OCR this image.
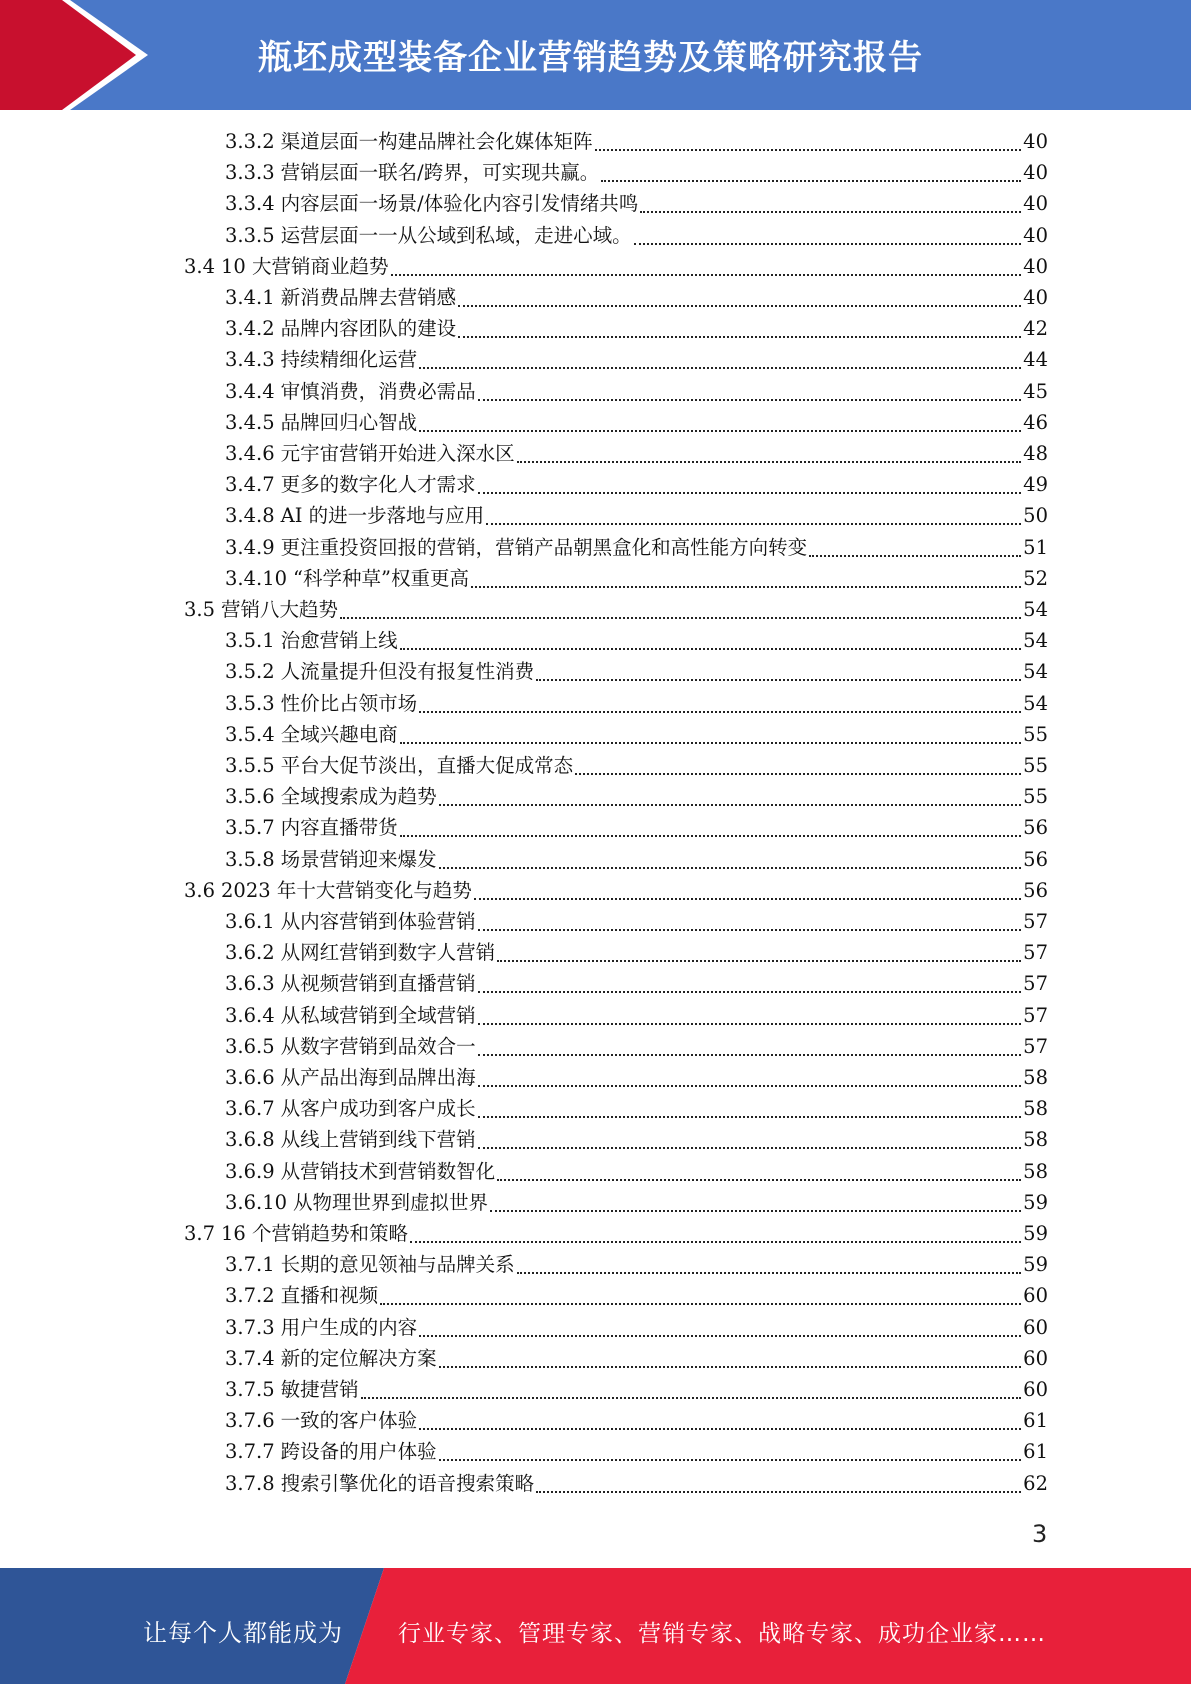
瓶坯成型装备企业营销趋势及策略研究报告
3.3.2 渠道层面一构建品牌社会化媒体矩阵	40
3.3.3 营销层面一联名/跨界，可实现共赢。	40
3.3.4 内容层面一场景/体验化内容引发情绪共鸣	40
3.3.5 运营层面一一从公域到私域，走进心域。	40
3.4 10 大营销商业趋势	40
3.4.1 新消费品牌去营销感	40
3.4.2 品牌内容团队的建设	42
3.4.3 持续精细化运营	44
3.4.4 审慎消费，消费必需品	45
3.4.5 品牌回归心智战	46
3.4.6 元宇宙营销开始进入深水区	48
3.4.7 更多的数字化人才需求	49
3.4.8 AI 的进一步落地与应用	50
3.4.9 更注重投资回报的营销，营销产品朝黑盒化和高性能方向转变	51
3.4.10 “科学种草”权重更高	52
3.5 营销八大趋势	54
3.5.1 治愈营销上线	54
3.5.2 人流量提升但没有报复性消费	54
3.5.3 性价比占领市场	54
3.5.4 全域兴趣电商	55
3.5.5 平台大促节淡出，直播大促成常态	55
3.5.6 全域搜索成为趋势	55
3.5.7 内容直播带货	56
3.5.8 场景营销迎来爆发	56
3.6 2023 年十大营销变化与趋势	56
3.6.1 从内容营销到体验营销	57
3.6.2 从网红营销到数字人营销	57
3.6.3 从视频营销到直播营销	57
3.6.4 从私域营销到全域营销	57
3.6.5 从数字营销到品效合一	57
3.6.6 从产品出海到品牌出海	58
3.6.7 从客户成功到客户成长	58
3.6.8 从线上营销到线下营销	58
3.6.9 从营销技术到营销数智化	58
3.6.10 从物理世界到虚拟世界	59
3.7 16 个营销趋势和策略	59
3.7.1 长期的意见领袖与品牌关系	59
3.7.2 直播和视频	60
3.7.3 用户生成的内容	60
3.7.4 新的定位解决方案	60
3.7.5 敏捷营销	60
3.7.6 一致的客户体验	61
3.7.7 跨设备的用户体验	61
3.7.8 搜索引擎优化的语音搜索策略	62
3
让每个人都能成为 行业专家、管理专家、营销专家、战略专家、成功企业家……
